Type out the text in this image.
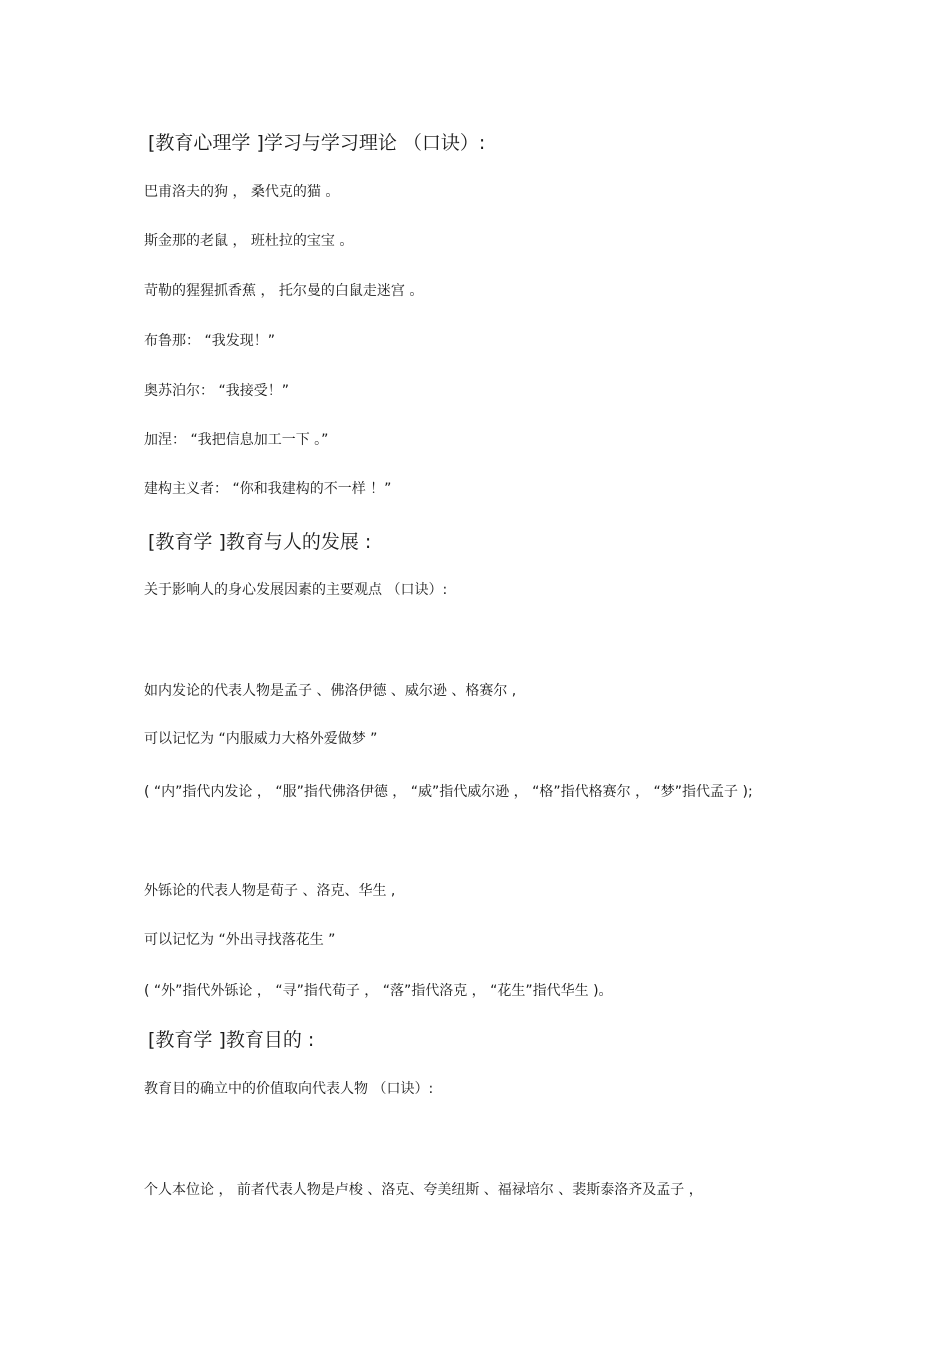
[教育心理学 ]学习与学习理论 （口诀）:
巴甫洛夫的狗 ， 桑代克的猫 。
斯金那的老鼠 ， 班杜拉的宝宝 。
苛勒的猩猩抓香蕉 ， 托尔曼的白鼠走迷宫 。
布鲁那： “我发现！”
奥苏泊尔： “我接受！”
加涅： “我把信息加工一下 。”
建构主义者： “你和我建构的不一样 ！”
[教育学 ]教育与人的发展 :
关于影响人的身心发展因素的主要观点 （口诀）:
如内发论的代表人物是孟子 、佛洛伊德 、威尔逊 、格赛尔 ,
可以记忆为 “内服威力大格外爱做梦 ”
( “内”指代内发论 ， “服”指代佛洛伊德 ， “威”指代威尔逊 ， “格”指代格赛尔 ， “梦”指代孟子 );
外铄论的代表人物是荀子 、洛克、华生 ,
可以记忆为 “外出寻找落花生 ”
( “外”指代外铄论 ， “寻”指代荀子 ， “落”指代洛克 ， “花生”指代华生 )。
[教育学 ]教育目的 :
教育目的确立中的价值取向代表人物 （口诀）:
个人本位论 ， 前者代表人物是卢梭 、洛克、夸美纽斯 、福禄培尔 、裴斯泰洛齐及孟子 ，
